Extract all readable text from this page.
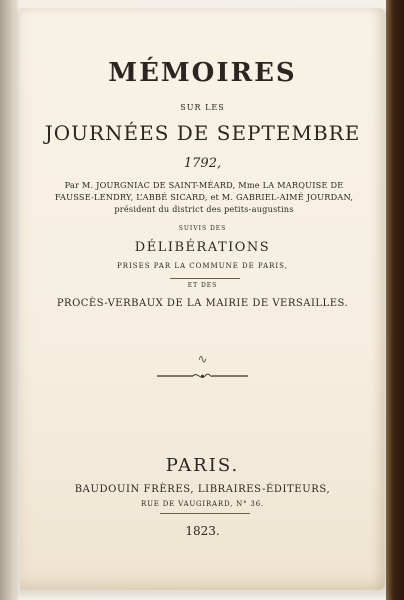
MÉMOIRES
SUR LES
JOURNÉES DE SEPTEMBRE
1792,
Par M. JOURGNIAC DE SAINT-MÉARD, Mme LA MARQUISE DE FAUSSE-LENDRY, L’ABBÉ SICARD, et M. GABRIEL-AIMÉ JOURDAN, président du district des petits-augustins
SUIVIS DES
DÉLIBÉRATIONS
PRISES PAR LA COMMUNE DE PARIS,
ET DES
PROCÈS-VERBAUX DE LA MAIRIE DE VERSAILLES.
∿
PARIS.
BAUDOUIN FRÈRES, LIBRAIRES-ÉDITEURS,
RUE DE VAUGIRARD, N° 36.
1823.
